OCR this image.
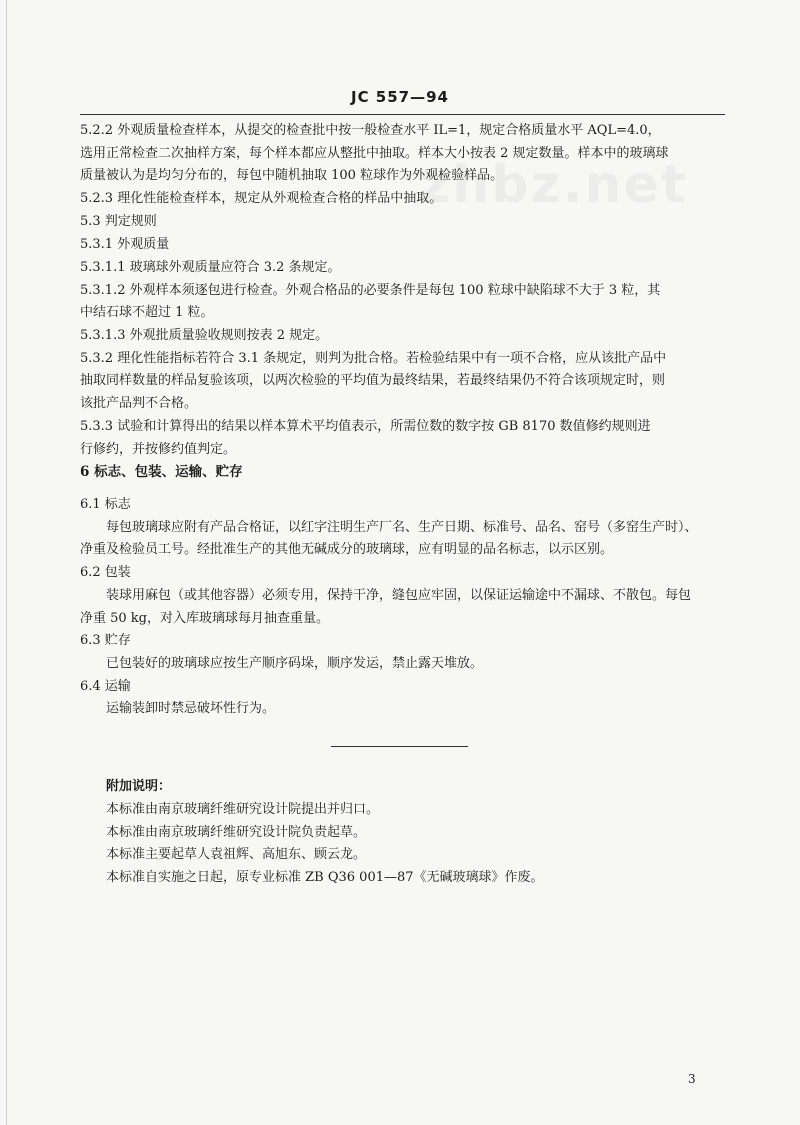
zhbz.net
JC 557—94
5.2.2 外观质量检查样本，从提交的检查批中按一般检查水平 IL=1，规定合格质量水平 AQL=4.0，
选用正常检查二次抽样方案，每个样本都应从整批中抽取。样本大小按表 2 规定数量。样本中的玻璃球
质量被认为是均匀分布的，每包中随机抽取 100 粒球作为外观检验样品。
5.2.3 理化性能检查样本，规定从外观检查合格的样品中抽取。
5.3 判定规则
5.3.1 外观质量
5.3.1.1 玻璃球外观质量应符合 3.2 条规定。
5.3.1.2 外观样本须逐包进行检查。外观合格品的必要条件是每包 100 粒球中缺陷球不大于 3 粒，其
中结石球不超过 1 粒。
5.3.1.3 外观批质量验收规则按表 2 规定。
5.3.2 理化性能指标若符合 3.1 条规定，则判为批合格。若检验结果中有一项不合格，应从该批产品中
抽取同样数量的样品复验该项，以两次检验的平均值为最终结果，若最终结果仍不符合该项规定时，则
该批产品判不合格。
5.3.3 试验和计算得出的结果以样本算术平均值表示，所需位数的数字按 GB 8170 数值修约规则进
行修约，并按修约值判定。
6 标志、包装、运输、贮存
6.1 标志
每包玻璃球应附有产品合格证，以红字注明生产厂名、生产日期、标准号、品名、窑号（多窑生产时）、
净重及检验员工号。经批准生产的其他无碱成分的玻璃球，应有明显的品名标志，以示区别。
6.2 包装
装球用麻包（或其他容器）必须专用，保持干净，缝包应牢固，以保证运输途中不漏球、不散包。每包
净重 50 kg，对入库玻璃球每月抽查重量。
6.3 贮存
已包装好的玻璃球应按生产顺序码垛，顺序发运，禁止露天堆放。
6.4 运输
运输装卸时禁忌破坏性行为。
附加说明：
本标准由南京玻璃纤维研究设计院提出并归口。
本标准由南京玻璃纤维研究设计院负责起草。
本标准主要起草人袁祖辉、高旭东、顾云龙。
本标准自实施之日起，原专业标准 ZB Q36 001—87《无碱玻璃球》作废。
3
